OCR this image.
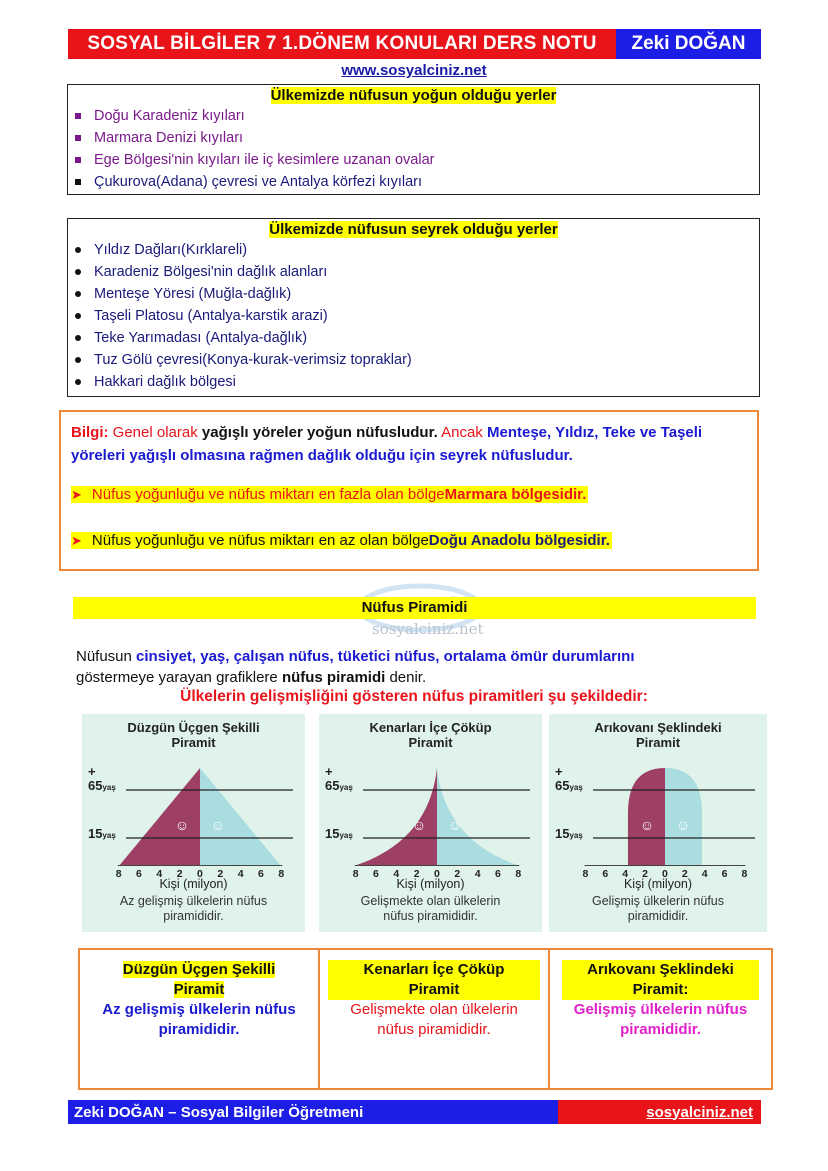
SOSYAL BİLGİLER 7 1.DÖNEM KONULARI DERS NOTU	Zeki DOĞAN
www.sosyalciniz.net
Ülkemizde nüfusun yoğun olduğu yerler
Doğu Karadeniz kıyıları
Marmara Denizi kıyıları
Ege Bölgesi'nin kıyıları ile iç kesimlere uzanan ovalar
Çukurova(Adana) çevresi ve Antalya körfezi kıyıları
Ülkemizde nüfusun seyrek olduğu yerler
Yıldız Dağları(Kırklareli)
Karadeniz Bölgesi'nin dağlık alanları
Menteşe Yöresi (Muğla-dağlık)
Taşeli Platosu (Antalya-karstik arazi)
Teke Yarımadası (Antalya-dağlık)
Tuz Gölü çevresi(Konya-kurak-verimsiz topraklar)
Hakkari dağlık bölgesi
Bilgi: Genel olarak yağışlı yöreler yoğun nüfusludur. Ancak Menteşe, Yıldız, Teke ve Taşeli yöreleri yağışlı olmasına rağmen dağlık olduğu için seyrek nüfusludur.
➤ Nüfus yoğunluğu ve nüfus miktarı en fazla olan bölge Marmara bölgesidir.
➤ Nüfus yoğunluğu ve nüfus miktarı en az olan bölge Doğu Anadolu bölgesidir.
sosyalciniz.net
Nüfus Piramidi
Nüfusun cinsiyet, yaş, çalışan nüfus, tüketici nüfus, ortalama ömür durumlarını
göstermeye yarayan grafiklere nüfus piramidi denir.
Ülkelerin gelişmişliğini gösteren nüfus piramitleri şu şekildedir:
Düzgün Üçgen Şekilli
Piramit
☺ ☺
+
65yaş
15yaş
8 6 4 2 0 2 4 6 8
Kişi (milyon)
Az gelişmiş ülkelerin nüfus
piramididir.
Kenarları İçe Çöküp
Piramit
☺ ☺
+
65yaş
15yaş
8 6 4 2 0 2 4 6 8
Kişi (milyon)
Gelişmekte olan ülkelerin
nüfus piramididir.
Arıkovanı Şeklindeki
Piramit
☺ ☺
+
65yaş
15yaş
8 6 4 2 0 2 4 6 8
Kişi (milyon)
Gelişmiş ülkelerin nüfus
piramididir.
Düzgün Üçgen Şekilli
Piramit
Az gelişmiş ülkelerin nüfus
piramididir.
Kenarları İçe Çöküp
Piramit
Gelişmekte olan ülkelerin
nüfus piramididir.
Arıkovanı Şeklindeki
Piramit:
Gelişmiş ülkelerin nüfus
piramididir.
Zeki DOĞAN – Sosyal Bilgiler Öğretmeni	sosyalciniz.net
